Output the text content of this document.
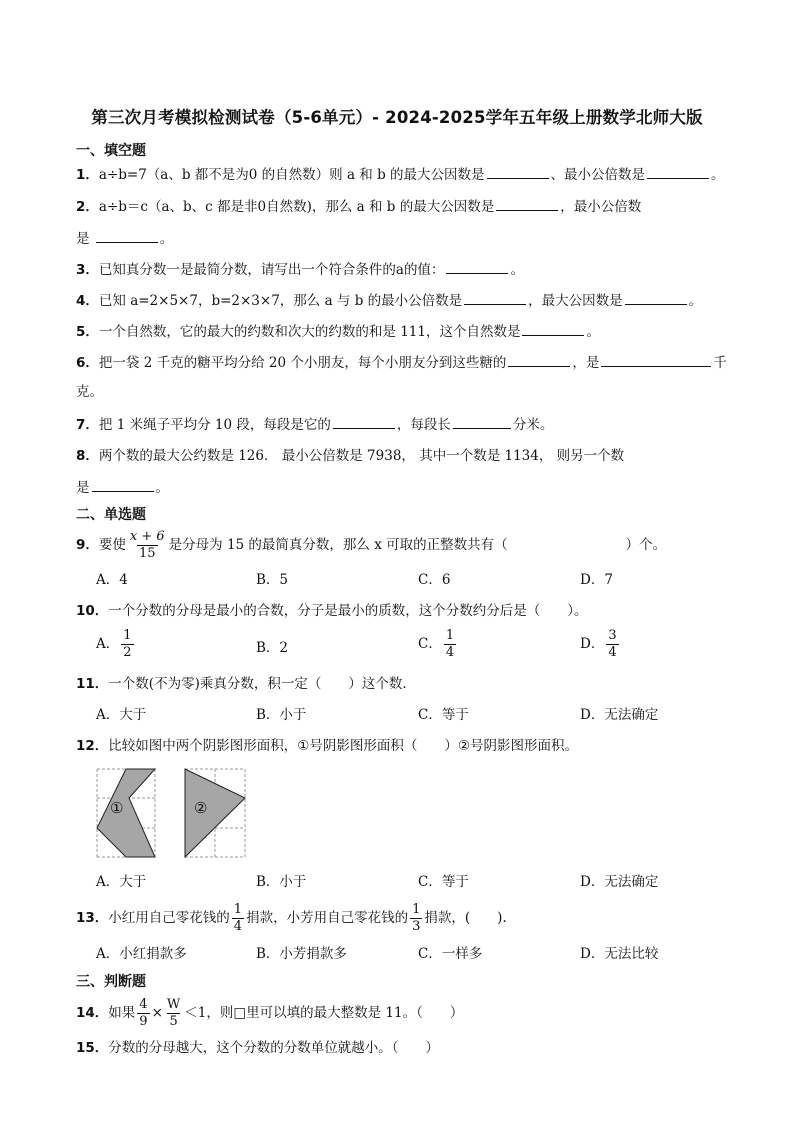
第三次月考模拟检测试卷（5-6单元）- 2024-2025学年五年级上册数学北师大版
一、填空题
1．a÷b=7（a、b 都不是为0 的自然数）则 a 和 b 的最大公因数是	、最小公倍数是	。
2．a÷b＝c（a、b、c 都是非0自然数)，那么 a 和 b 的最大公因数是	，最小公倍数
是	。
3．已知真分数一是最简分数，请写出一个符合条件的a的值：	。
4．已知 a=2×5×7，b=2×3×7，那么 a 与 b 的最小公倍数是	，最大公因数是	。
5．一个自然数，它的最大的约数和次大的约数的和是 111，这个自然数是	。
6．把一袋 2 千克的糖平均分给 20 个小朋友，每个小朋友分到这些糖的	，是	千
克。
7．把 1 米绳子平均分 10 段，每段是它的	，每段长	分米。
8．两个数的最大公约数是 126． 最小公倍数是 7938， 其中一个数是 1134， 则另一个数
是	。
二、单选题
9．要使 $\frac{x + 6}{15}$ 是分母为 15 的最简真分数，那么 x 可取的正整数共有（	）个。
A．4	B．5	C．6	D．7
10．一个分数的分母是最小的合数，分子是最小的质数，这个分数约分后是（　　）。
A． $\frac{1}{2}$	B．2	C． $\frac{1}{4}$	D． $\frac{3}{4}$
11．一个数(不为零)乘真分数，积一定（　　）这个数．
A．大于	B．小于	C．等于	D．无法确定
12．比较如图中两个阴影图形面积，①号阴影图形面积（　　）②号阴影图形面积。
①	②
A．大于	B．小于	C．等于	D．无法确定
13．小红用自己零花钱的 $\frac{1}{4}$ 捐款，小芳用自己零花钱的 $\frac{1}{3}$ 捐款，(　　).
A．小红捐款多	B．小芳捐款多	C．一样多	D．无法比较
三、判断题
14．如果 $\frac{4}{9} \times \frac{W}{5} <1$，则□里可以填的最大整数是 11。（　　）
15．分数的分母越大，这个分数的分数单位就越小。（　　）
